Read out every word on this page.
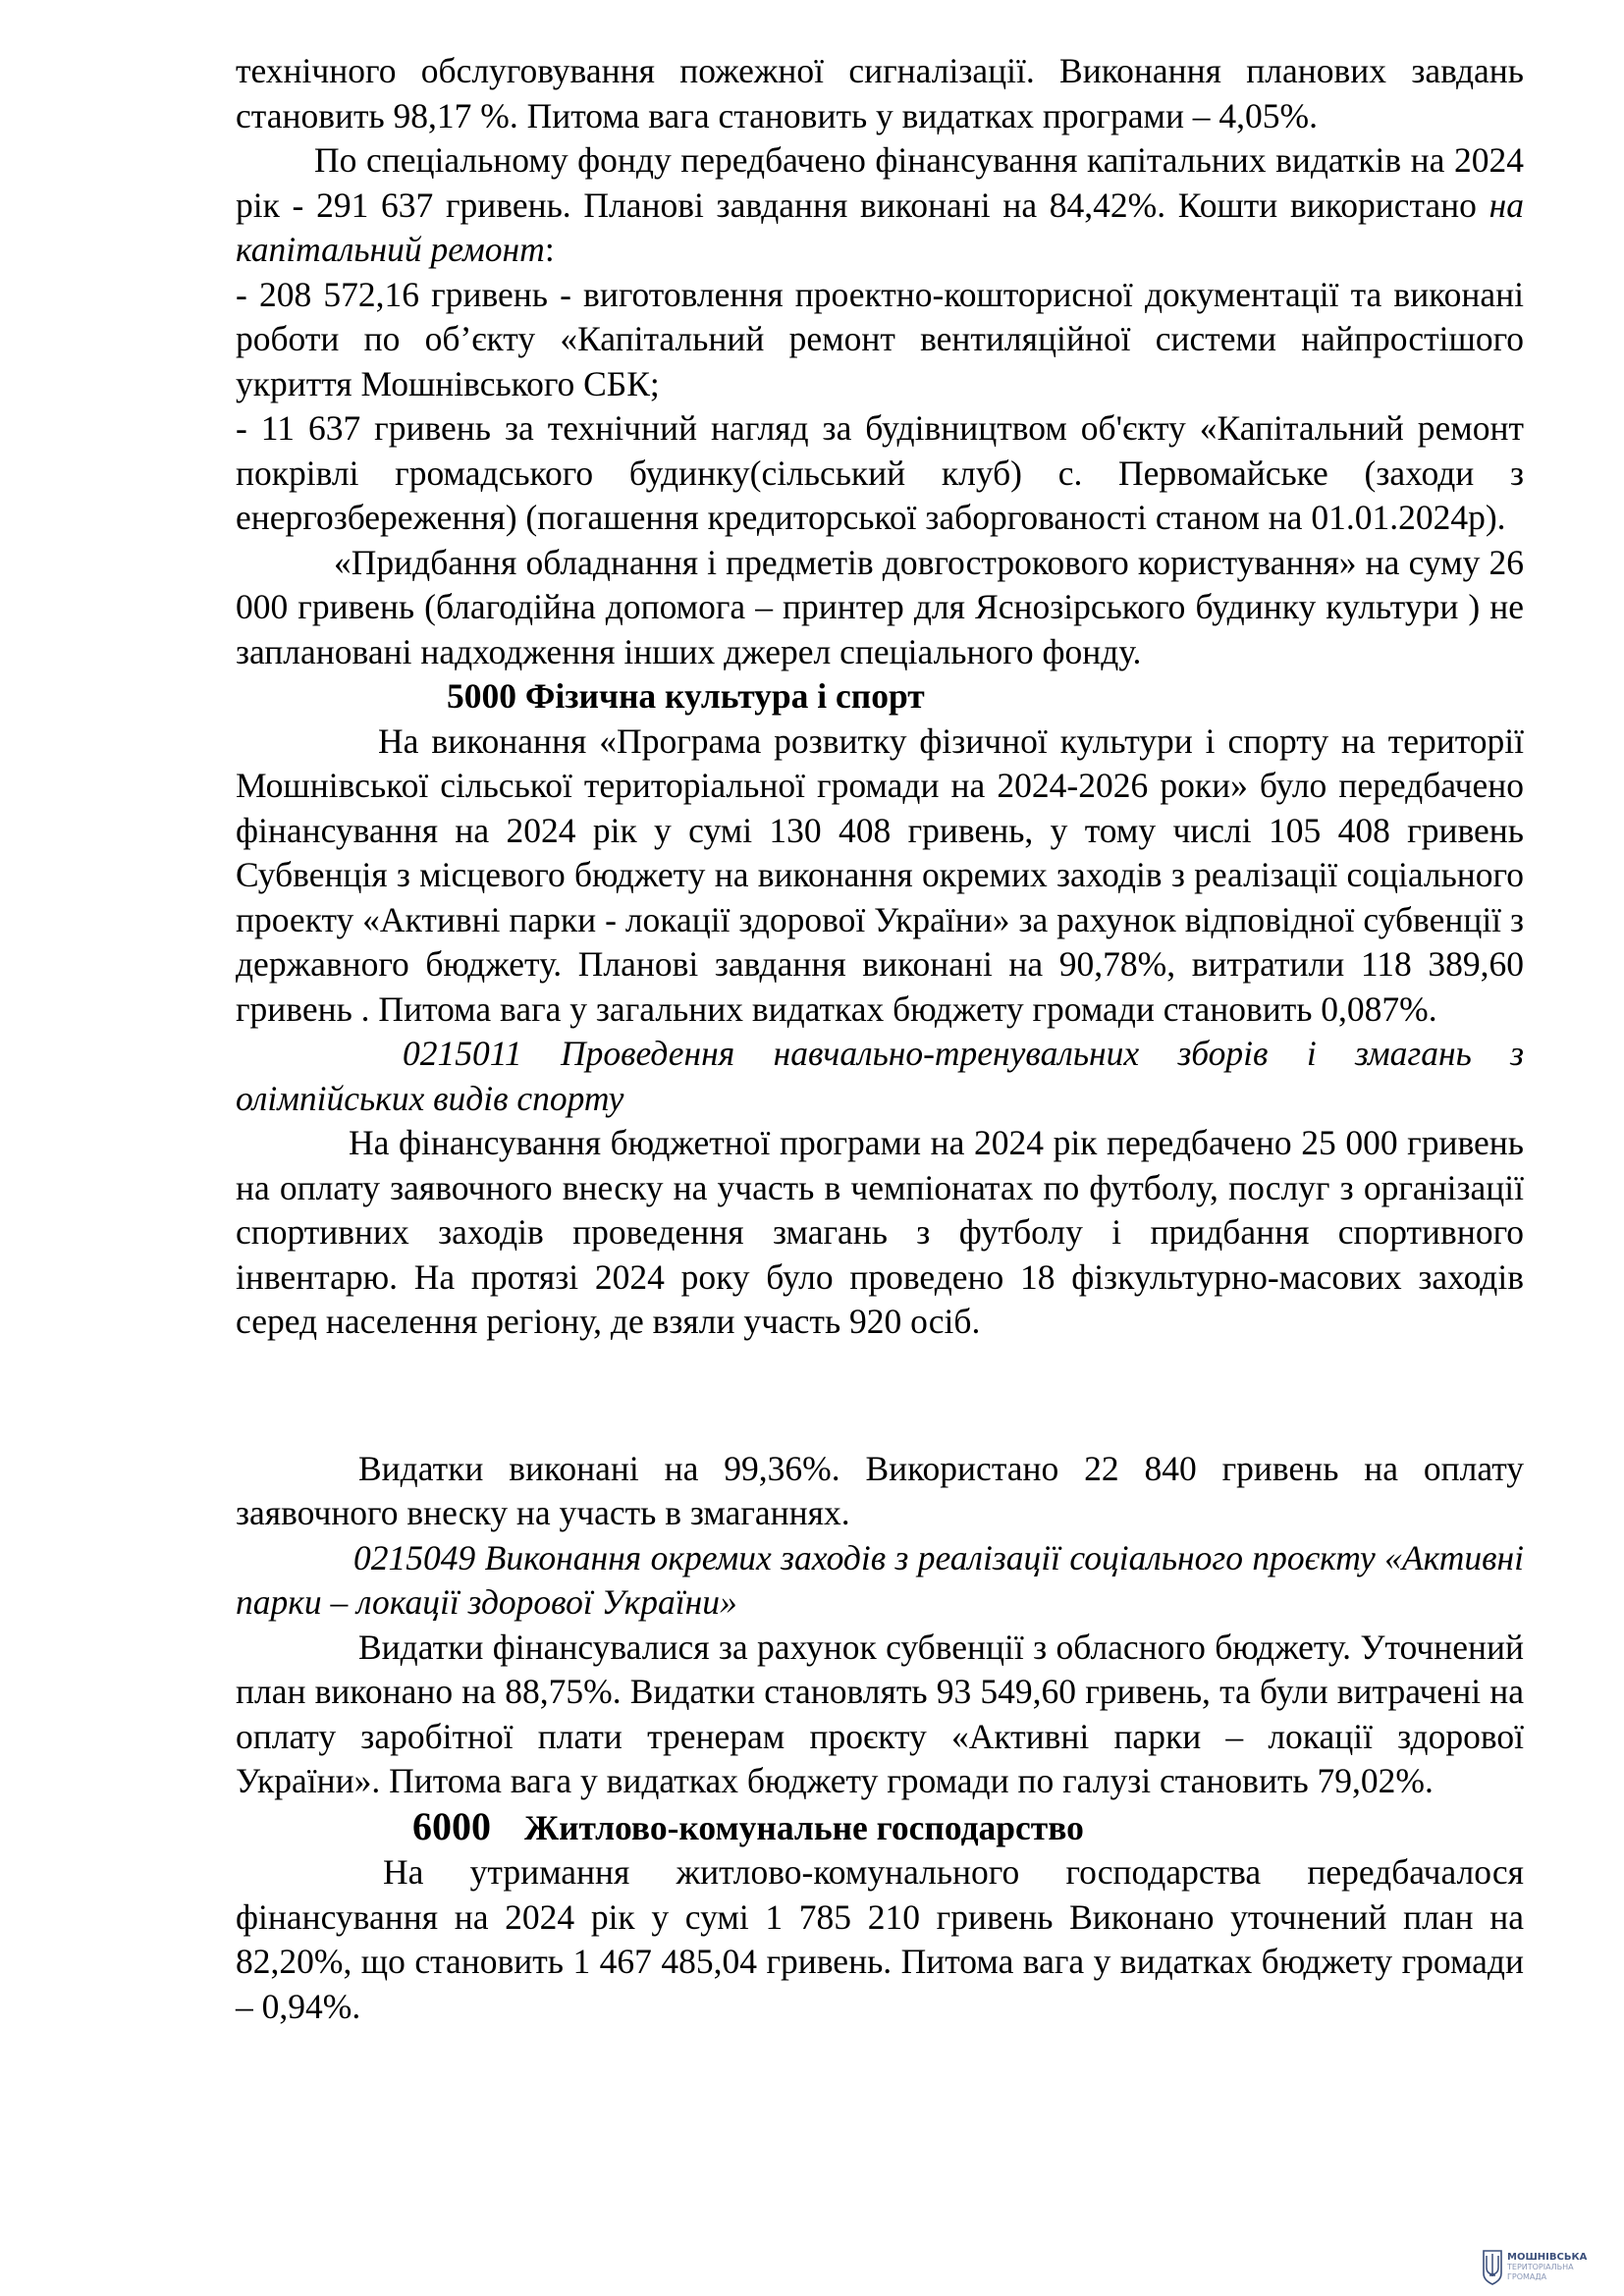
технічного обслуговування пожежної сигналізації. Виконання планових завдань становить 98,17 %. Питома вага становить у видатках програми – 4,05%.

По спеціальному фонду передбачено фінансування капітальних видатків на 2024 рік - 291 637 гривень. Планові завдання виконані на 84,42%. Кошти використано на капітальний ремонт:

- 208 572,16 гривень - виготовлення проектно-кошторисної документації та виконані роботи по об’єкту «Капітальний ремонт вентиляційної системи найпростішого укриття Мошнівського СБК;

- 11 637 гривень за технічний нагляд за будівництвом об'єкту «Капітальний ремонт покрівлі громадського будинку(сільський клуб) с. Первомайське (заходи з енергозбереження) (погашення кредиторської заборгованості станом на 01.01.2024р).

«Придбання обладнання і предметів довгострокового користування» на суму 26 000 гривень (благодійна допомога – принтер для Яснозірського будинку культури ) не заплановані надходження інших джерел спеціального фонду.

5000 Фізична культура і спорт

На виконання «Програма розвитку фізичної культури і спорту на території Мошнівської сільської територіальної громади на 2024-2026 роки» було передбачено фінансування на 2024 рік у сумі 130 408 гривень, у тому числі 105 408 гривень Субвенція з місцевого бюджету на виконання окремих заходів з реалізації соціального проекту «Активні парки - локації здорової України» за рахунок відповідної субвенції з державного бюджету. Планові завдання виконані на 90,78%, витратили 118 389,60 гривень . Питома вага у загальних видатках бюджету громади становить 0,087%.

0215011 Проведення навчально-тренувальних зборів і змагань з олімпійських видів спорту

На фінансування бюджетної програми на 2024 рік передбачено 25 000 гривень на оплату заявочного внеску на участь в чемпіонатах по футболу, послуг з організації спортивних заходів проведення змагань з футболу і придбання спортивного інвентарю. На протязі 2024 року було проведено 18 фізкультурно-масових заходів серед населення регіону, де взяли участь 920 осіб.

Видатки виконані на 99,36%. Використано 22 840 гривень на оплату заявочного внеску на участь в змаганнях.

0215049 Виконання окремих заходів з реалізації соціального проєкту «Активні парки – локації здорової України»

Видатки фінансувалися за рахунок субвенції з обласного бюджету. Уточнений план виконано на 88,75%. Видатки становлять 93 549,60 гривень, та були витрачені на оплату заробітної плати тренерам проєкту «Активні парки – локації здорової України». Питома вага у видатках бюджету громади по галузі становить 79,02%.

6000 Житлово-комунальне господарство

На утримання житлово-комунального господарства передбачалося фінансування на 2024 рік у сумі 1 785 210 гривень Виконано уточнений план на 82,20%, що становить 1 467 485,04 гривень. Питома вага у видатках бюджету громади – 0,94%.

МОШНІВСЬКА
ТЕРИТОРІАЛЬНА
ГРОМАДА
